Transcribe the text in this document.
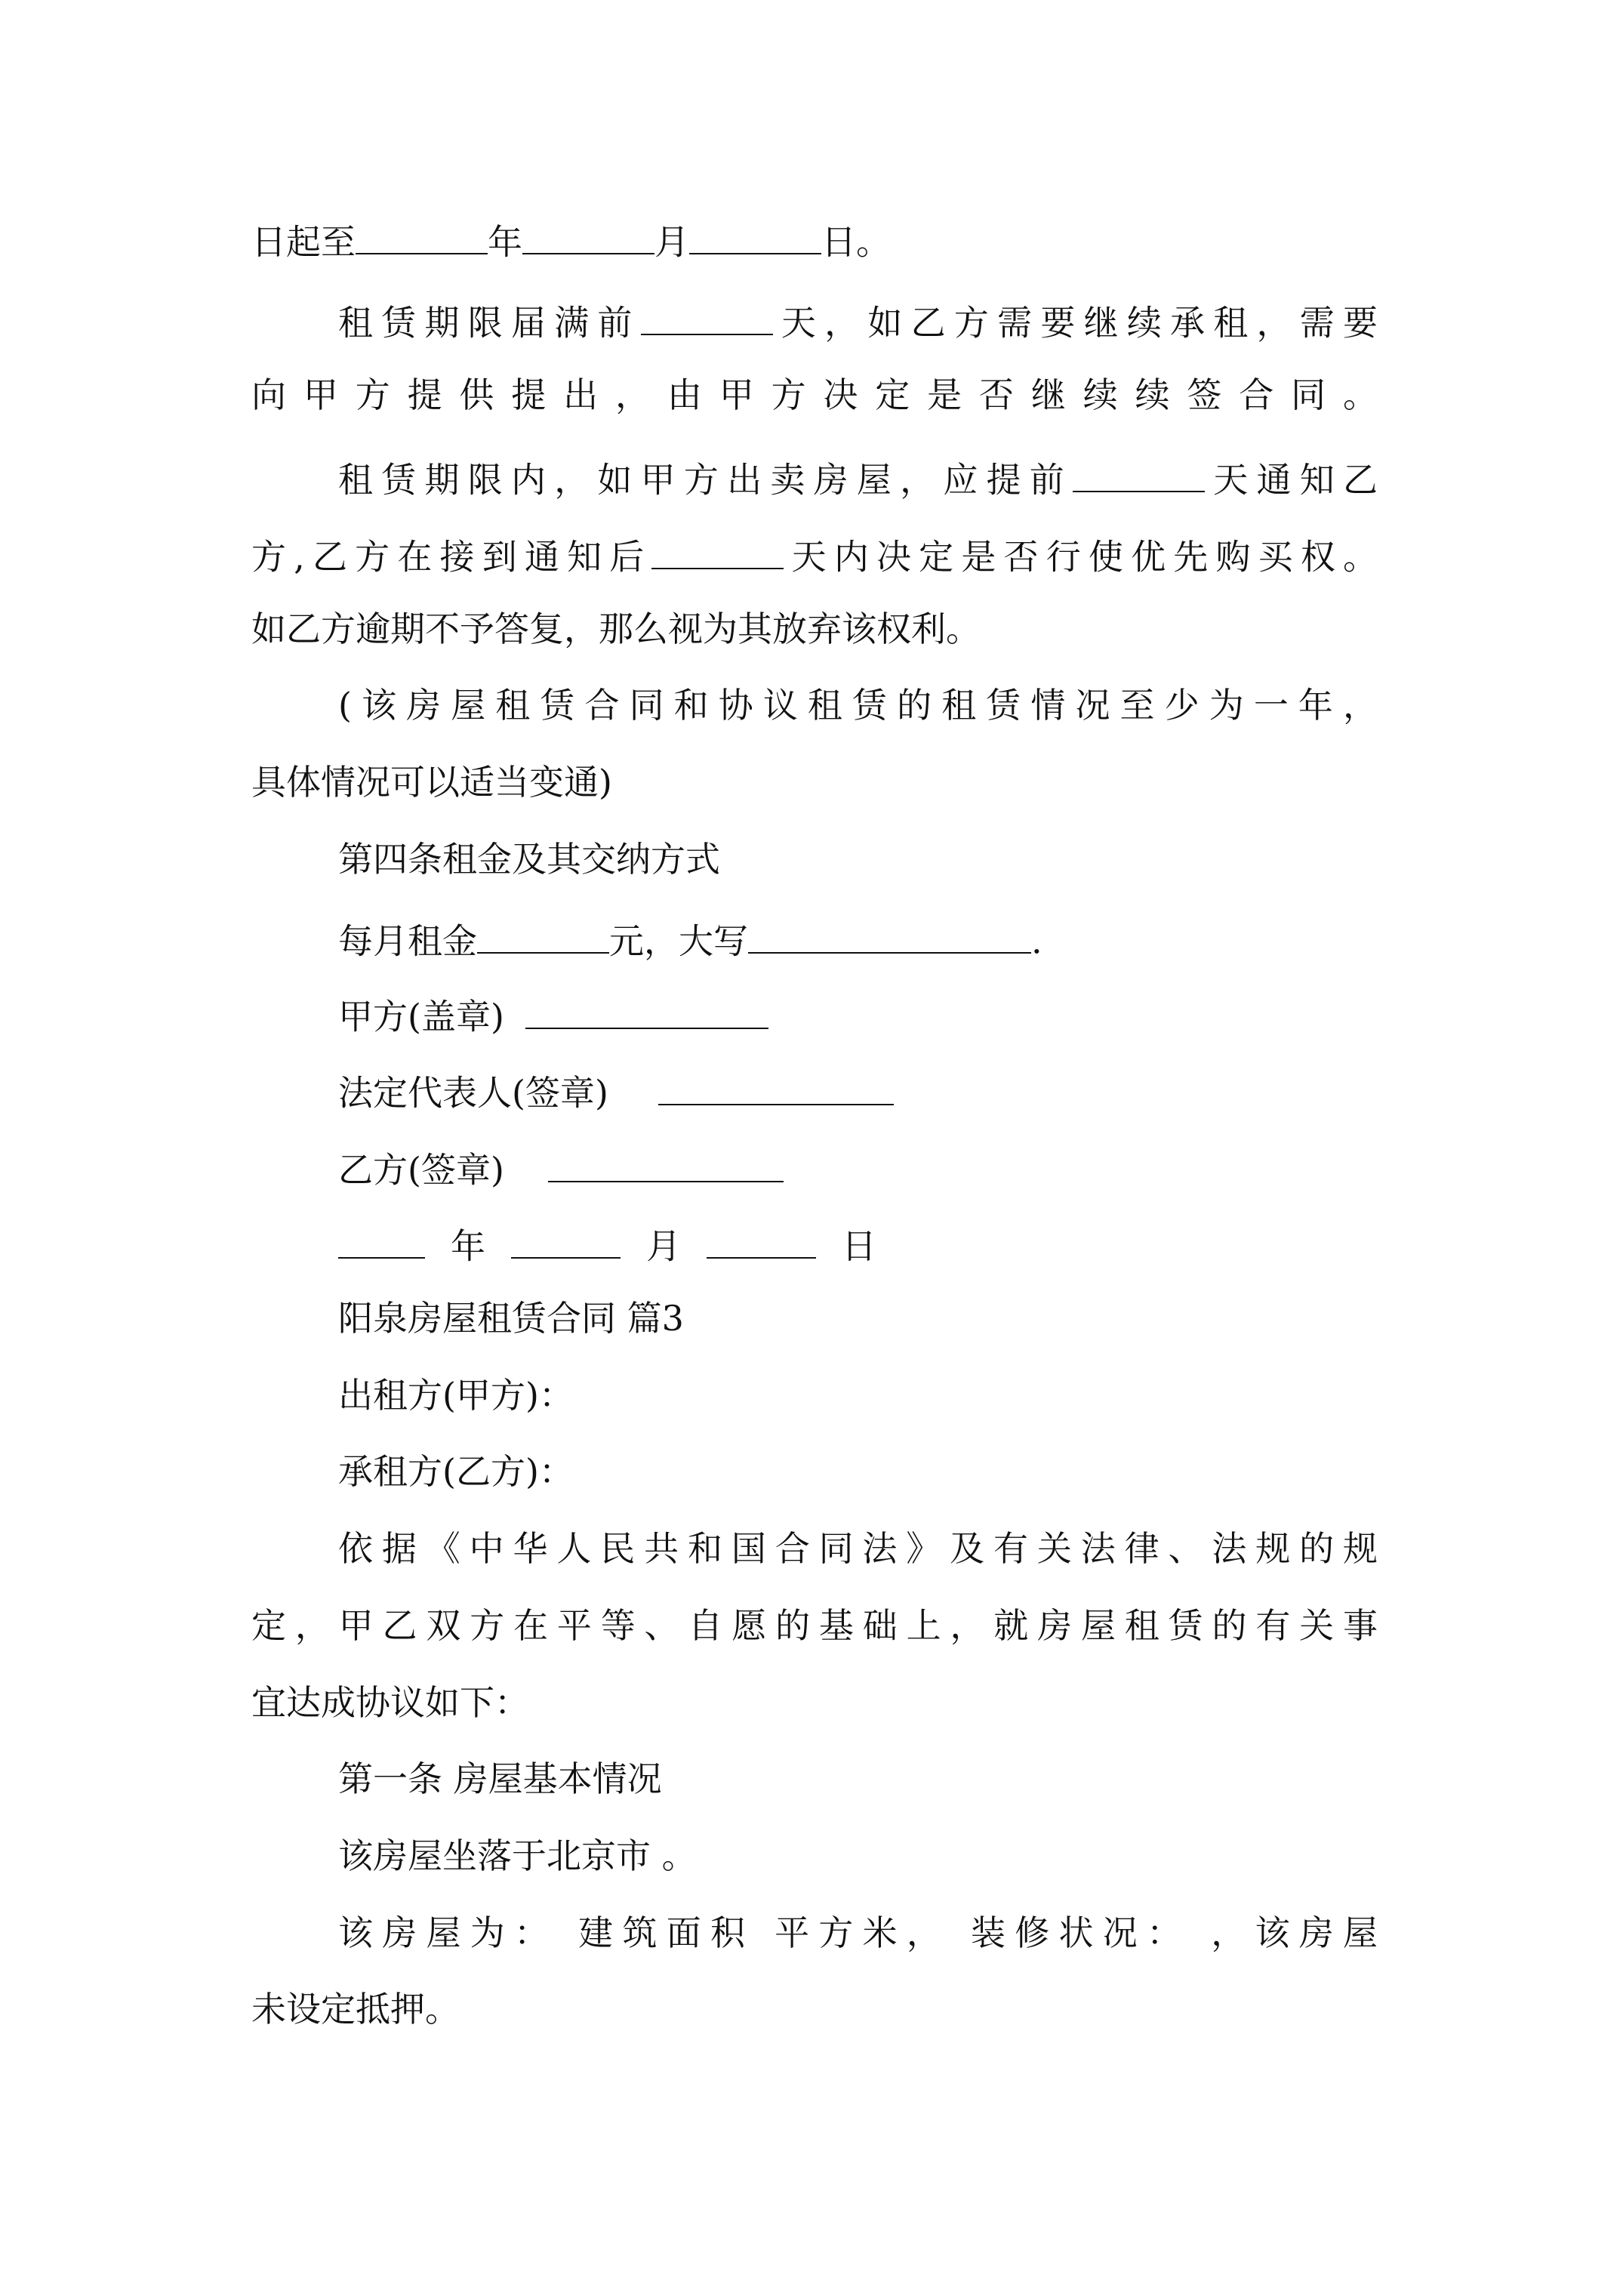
日起至	年	月	日。
租赁期限届满前	天，如乙方需要继续承租，需要
向甲方提供提出，由甲方决定是否继续续签合同。
租赁期限内，如甲方出卖房屋，应提前	天通知乙
方,乙方在接到通知后	天内决定是否行使优先购买权。
如乙方逾期不予答复，那么视为其放弃该权利。
(该房屋租赁合同和协议租赁的租赁情况至少为一年，
具体情况可以适当变通)
第四条租金及其交纳方式
每月租金	元，大写	.
甲方(盖章)
法定代表人(签章)
乙方(签章)
年	月	日
阳泉房屋租赁合同 篇3
出租方(甲方)：
承租方(乙方)：
依据《中华人民共和国合同法》及有关法律、法规的规
定，甲乙双方在平等、自愿的基础上，就房屋租赁的有关事
宜达成协议如下：
第一条 房屋基本情况
该房屋坐落于北京市 。
该房屋为： 建筑面积 平方米， 装修状况： ，该房屋
未设定抵押。
